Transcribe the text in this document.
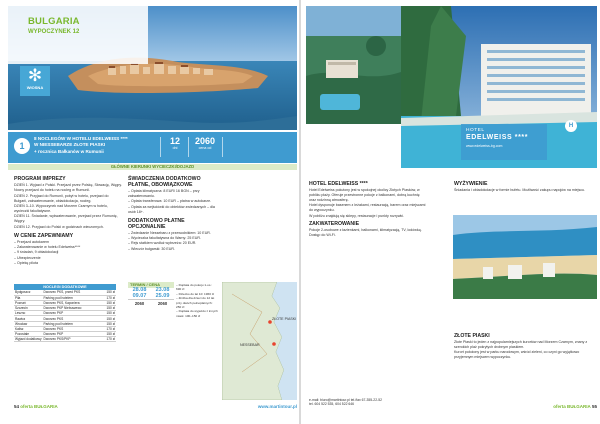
BULGARIA
WYPOCZYNEK 12
✻
WIOSNA
1
8 NOCLEGÓW W HOTELU EDELWEISS ****
W NIESSEBARZE ZŁOTE PIASKI
+ rocznica Bałkanów w Rumunii
12
dni
2060
cena od
GŁÓWNE KIERUNKI WYCIECZKI/DOJAZD
PROGRAM IMPREZY

DZIEŃ 1. Wyjazd z Polski. Przejazd przez Polskę, Słowację, Węgry.

Nocny przejazd do hotelu na nocleg w Rumunii.

DZIEŃ 2. Przyjazd do Rumunii, pobyt w hotelu, przejazd do Bułgarii, zakwaterowanie, obiadokolacja, nocleg.

DZIEŃ 3–10. Wypoczynek nad Morzem Czarnym w hotelu, wycieczki fakultatywne.

DZIEŃ 11. Śniadanie, wykwaterowanie, przejazd przez Rumunię, Węgry.

DZIEŃ 12. Przyjazd do Polski w godzinach wieczornych.

W CENIE ZAPEWNIAMY

– Przejazd autokarem

– Zakwaterowanie w hotelu Edelweiss****

– 9 śniadań, 9 obiadokolacji

– Ubezpieczenie

– Opiekę pilota

ŚWIADCZENIA DODATKOWO PŁATNE, OBOWIĄZKOWE

– Opłata klimatyczna: 8 EUR/ 16 BGN – przy zakwaterowaniu.

– Opłata transferowa: 10 EUR – płatna w autokarze.

– Opłata za wejściówki do obiektów zwiedzanych – dla osób 18+.

DODATKOWO PŁATNE OPCJONALNIE

– Zwiedzanie Nessebaru z przewodnikiem: 10 EUR.

– Wycieczka fakultatywna do Warny: 25 EUR.

– Rejs statkiem wzdłuż wybrzeża: 20 EUR.

– Wieczór bułgarski: 30 EUR.

NOCLEGI DODATKOWE
Bydgoszcz	Dworzec PKS, przed PKS	150 zł
Piła	Parking pod hotelem	170 zł
Poznań	Dworzec PKS, Kaponiera	150 zł
Szczecin	Dworzec PKP Niebuszewo	150 zł
Leszno	Dworzec PKP	150 zł
Rawicz	Dworzec PKS	150 zł
Wrocław	Parking pod hotelem	150 zł
Kalisz	Dworzec PKS	170 zł
Pozostałe	Dworzec PKP	150 zł
Wyjazd dodatkowy	Dworzec PKS/PKP	170 zł
TERMIN / CENA
28.08
09.07
23.08
25.09
2060	2060
– Dopłata do pokoju 1-os.: 690 zł
– Dziecko do lat 10: 1960 zł
– Zniżka dla dzieci do 12 lat przy dwóch pełnopłatnych: 250 zł
– Dopłata do wyjazdu z innych miast: 100–150 zł
ZŁOTE PIASKI
NESSEBAR
54 oferta BUŁGARIA	www.martintour.pl
HOTEL
EDELWEISS ****
www.edelweiss-bg.com
H
HOTEL EDELWEISS ****

Hotel Edelweiss położony jest w spokojnej okolicy Złotych Piasków, w pobliżu plaży. Oferuje przestronne pokoje z balkonami, dobrą kuchnię oraz rodzinną atmosferę.

Hotel dysponuje basenem z leżakami, restauracją, barem oraz miejscami do wypoczynku.

W pobliżu znajdują się sklepy, restauracje i punkty rozrywki.

ZAKWATEROWANIE

Pokoje 2-osobowe z łazienkami, balkonami, klimatyzacją, TV, lodówką. Dostęp do Wi-Fi.

WYŻYWIENIE

Śniadania i obiadokolacje w formie bufetu. Możliwość zakupu napojów na miejscu.

ZŁOTE PIASKI

Złote Piaski to jeden z najpopularniejszych kurortów nad Morzem Czarnym, znany z szerokich plaż pokrytych drobnym piaskiem.

Kurort położony jest w parku narodowym, wśród zieleni, co czyni go wyjątkowo przyjemnym miejscem wypoczynku.

e-mail: biuro@martintour.pl tel./fax 67-355-22-52
tel. 604 522 535, 604 522 646	oferta BUŁGARIA 55
